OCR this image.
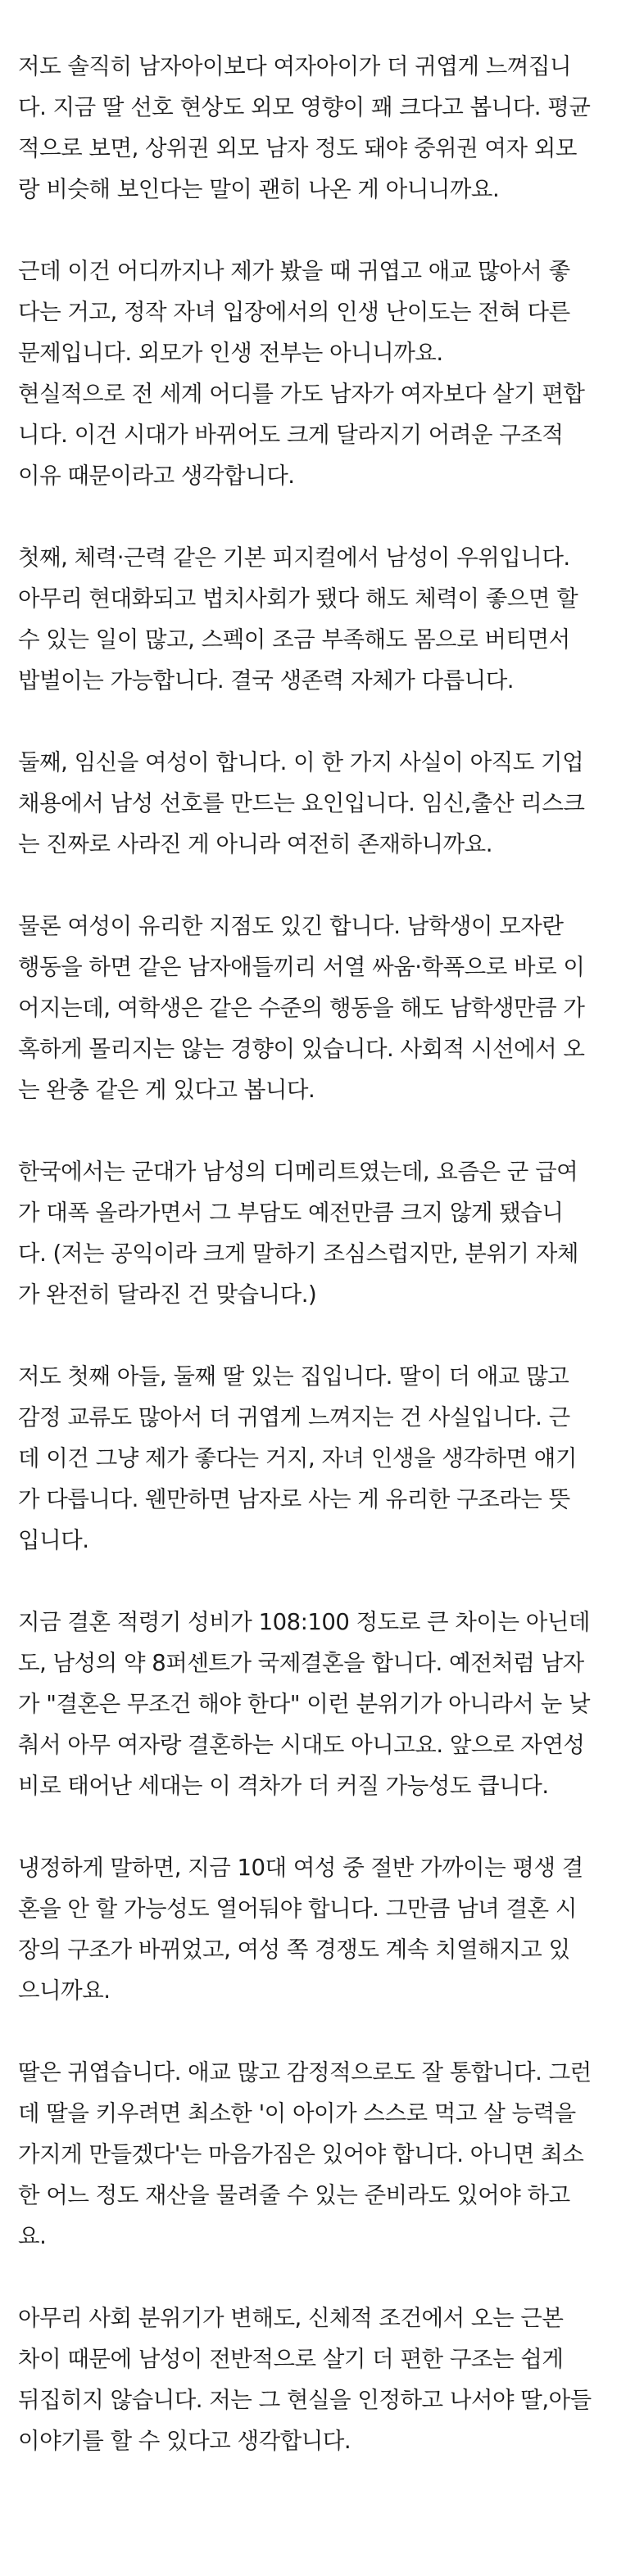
저도 솔직히 남자아이보다 여자아이가 더 귀엽게 느껴집니
다. 지금 딸 선호 현상도 외모 영향이 꽤 크다고 봅니다. 평균
적으로 보면, 상위권 외모 남자 정도 돼야 중위권 여자 외모
랑 비슷해 보인다는 말이 괜히 나온 게 아니니까요.

근데 이건 어디까지나 제가 봤을 때 귀엽고 애교 많아서 좋
다는 거고, 정작 자녀 입장에서의 인생 난이도는 전혀 다른
문제입니다. 외모가 인생 전부는 아니니까요.

현실적으로 전 세계 어디를 가도 남자가 여자보다 살기 편합
니다. 이건 시대가 바뀌어도 크게 달라지기 어려운 구조적
이유 때문이라고 생각합니다.

첫째, 체력·근력 같은 기본 피지컬에서 남성이 우위입니다.
아무리 현대화되고 법치사회가 됐다 해도 체력이 좋으면 할
수 있는 일이 많고, 스펙이 조금 부족해도 몸으로 버티면서
밥벌이는 가능합니다. 결국 생존력 자체가 다릅니다.

둘째, 임신을 여성이 합니다. 이 한 가지 사실이 아직도 기업
채용에서 남성 선호를 만드는 요인입니다. 임신,출산 리스크
는 진짜로 사라진 게 아니라 여전히 존재하니까요.

물론 여성이 유리한 지점도 있긴 합니다. 남학생이 모자란
행동을 하면 같은 남자애들끼리 서열 싸움·학폭으로 바로 이
어지는데, 여학생은 같은 수준의 행동을 해도 남학생만큼 가
혹하게 몰리지는 않는 경향이 있습니다. 사회적 시선에서 오
는 완충 같은 게 있다고 봅니다.

한국에서는 군대가 남성의 디메리트였는데, 요즘은 군 급여
가 대폭 올라가면서 그 부담도 예전만큼 크지 않게 됐습니
다. (저는 공익이라 크게 말하기 조심스럽지만, 분위기 자체
가 완전히 달라진 건 맞습니다.)

저도 첫째 아들, 둘째 딸 있는 집입니다. 딸이 더 애교 많고
감정 교류도 많아서 더 귀엽게 느껴지는 건 사실입니다. 근
데 이건 그냥 제가 좋다는 거지, 자녀 인생을 생각하면 얘기
가 다릅니다. 웬만하면 남자로 사는 게 유리한 구조라는 뜻
입니다.

지금 결혼 적령기 성비가 108:100 정도로 큰 차이는 아닌데
도, 남성의 약 8퍼센트가 국제결혼을 합니다. 예전처럼 남자
가 "결혼은 무조건 해야 한다" 이런 분위기가 아니라서 눈 낮
춰서 아무 여자랑 결혼하는 시대도 아니고요. 앞으로 자연성
비로 태어난 세대는 이 격차가 더 커질 가능성도 큽니다.

냉정하게 말하면, 지금 10대 여성 중 절반 가까이는 평생 결
혼을 안 할 가능성도 열어둬야 합니다. 그만큼 남녀 결혼 시
장의 구조가 바뀌었고, 여성 쪽 경쟁도 계속 치열해지고 있
으니까요.

딸은 귀엽습니다. 애교 많고 감정적으로도 잘 통합니다. 그런
데 딸을 키우려면 최소한 '이 아이가 스스로 먹고 살 능력을
가지게 만들겠다'는 마음가짐은 있어야 합니다. 아니면 최소
한 어느 정도 재산을 물려줄 수 있는 준비라도 있어야 하고
요.

아무리 사회 분위기가 변해도, 신체적 조건에서 오는 근본
차이 때문에 남성이 전반적으로 살기 더 편한 구조는 쉽게
뒤집히지 않습니다. 저는 그 현실을 인정하고 나서야 딸,아들
이야기를 할 수 있다고 생각합니다.
